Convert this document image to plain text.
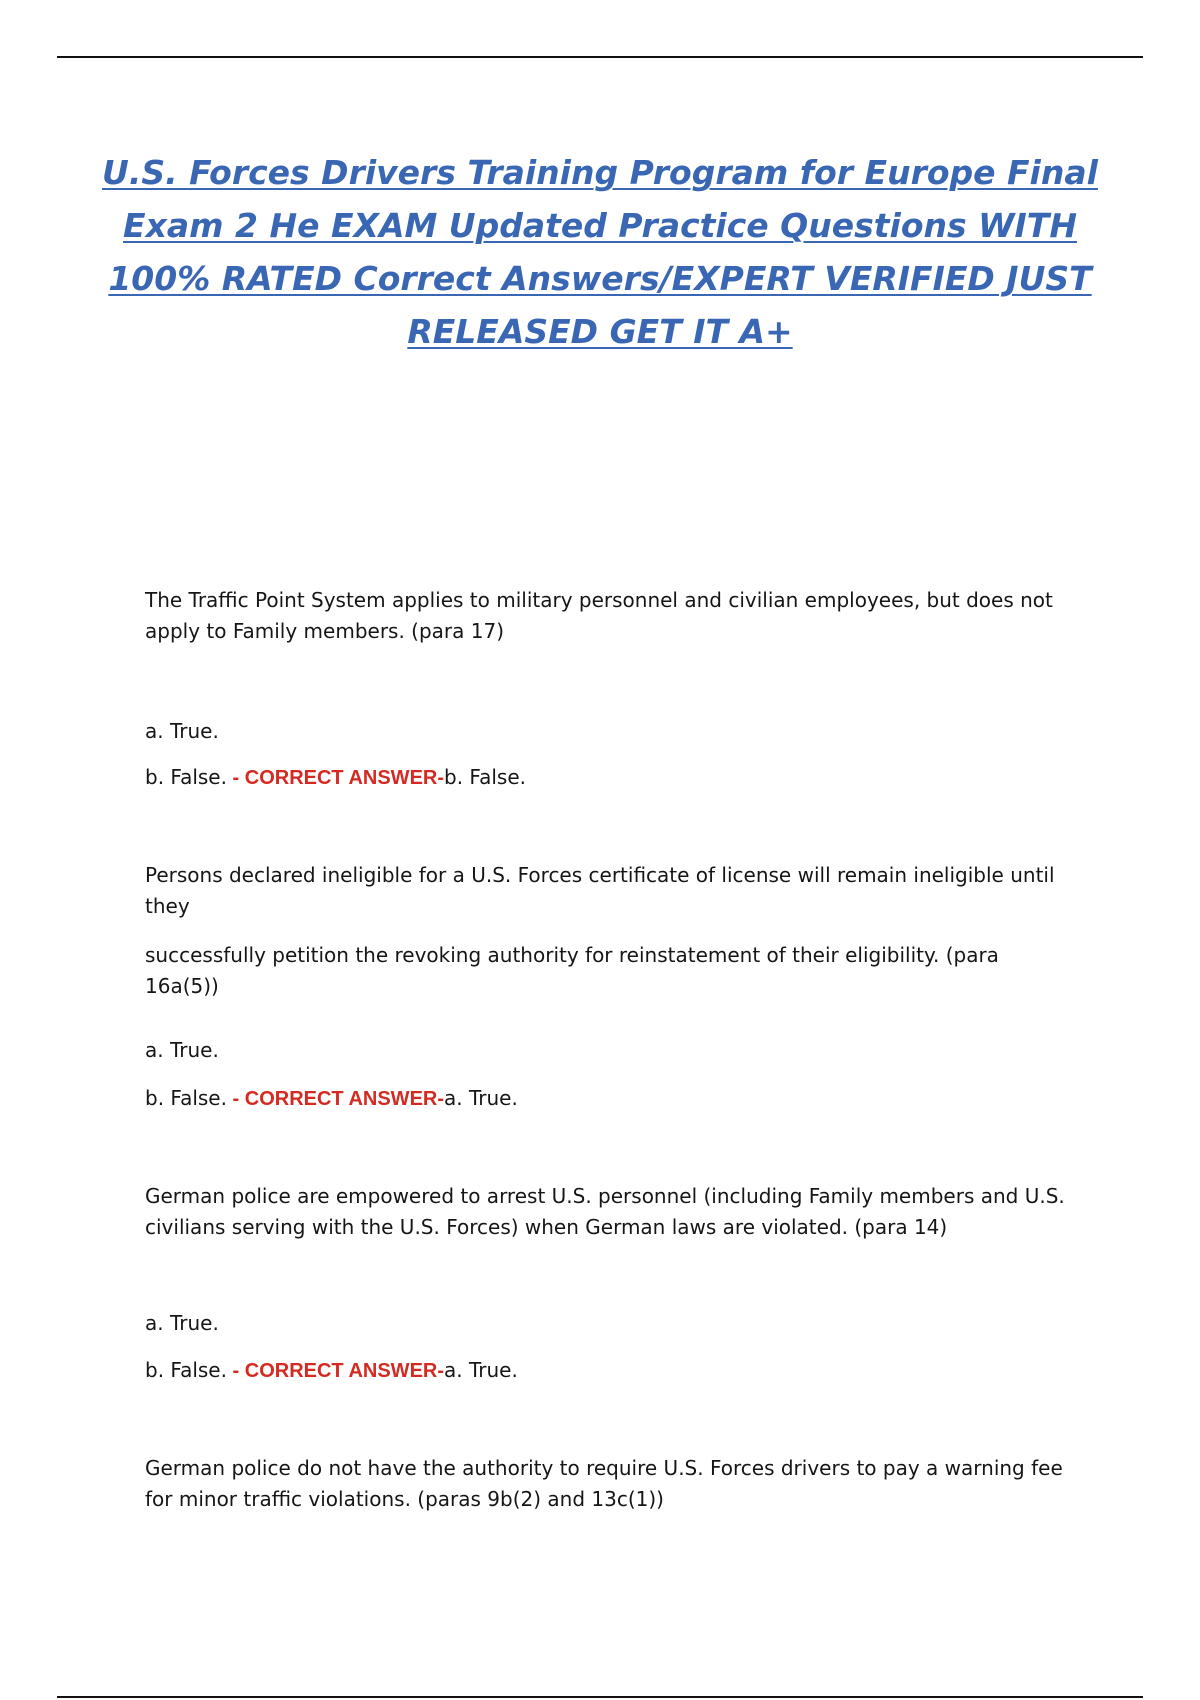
U.S. Forces Drivers Training Program for Europe Final Exam 2 He EXAM Updated Practice Questions WITH 100% RATED Correct Answers/EXPERT VERIFIED JUST RELEASED GET IT A+

The Traffic Point System applies to military personnel and civilian employees, but does not apply to Family members. (para 17)

a. True.

b. False. - CORRECT ANSWER-b. False.

Persons declared ineligible for a U.S. Forces certificate of license will remain ineligible until they

successfully petition the revoking authority for reinstatement of their eligibility. (para 16a(5))

a. True.

b. False. - CORRECT ANSWER-a. True.

German police are empowered to arrest U.S. personnel (including Family members and U.S. civilians serving with the U.S. Forces) when German laws are violated. (para 14)

a. True.

b. False. - CORRECT ANSWER-a. True.

German police do not have the authority to require U.S. Forces drivers to pay a warning fee for minor traffic violations. (paras 9b(2) and 13c(1))
